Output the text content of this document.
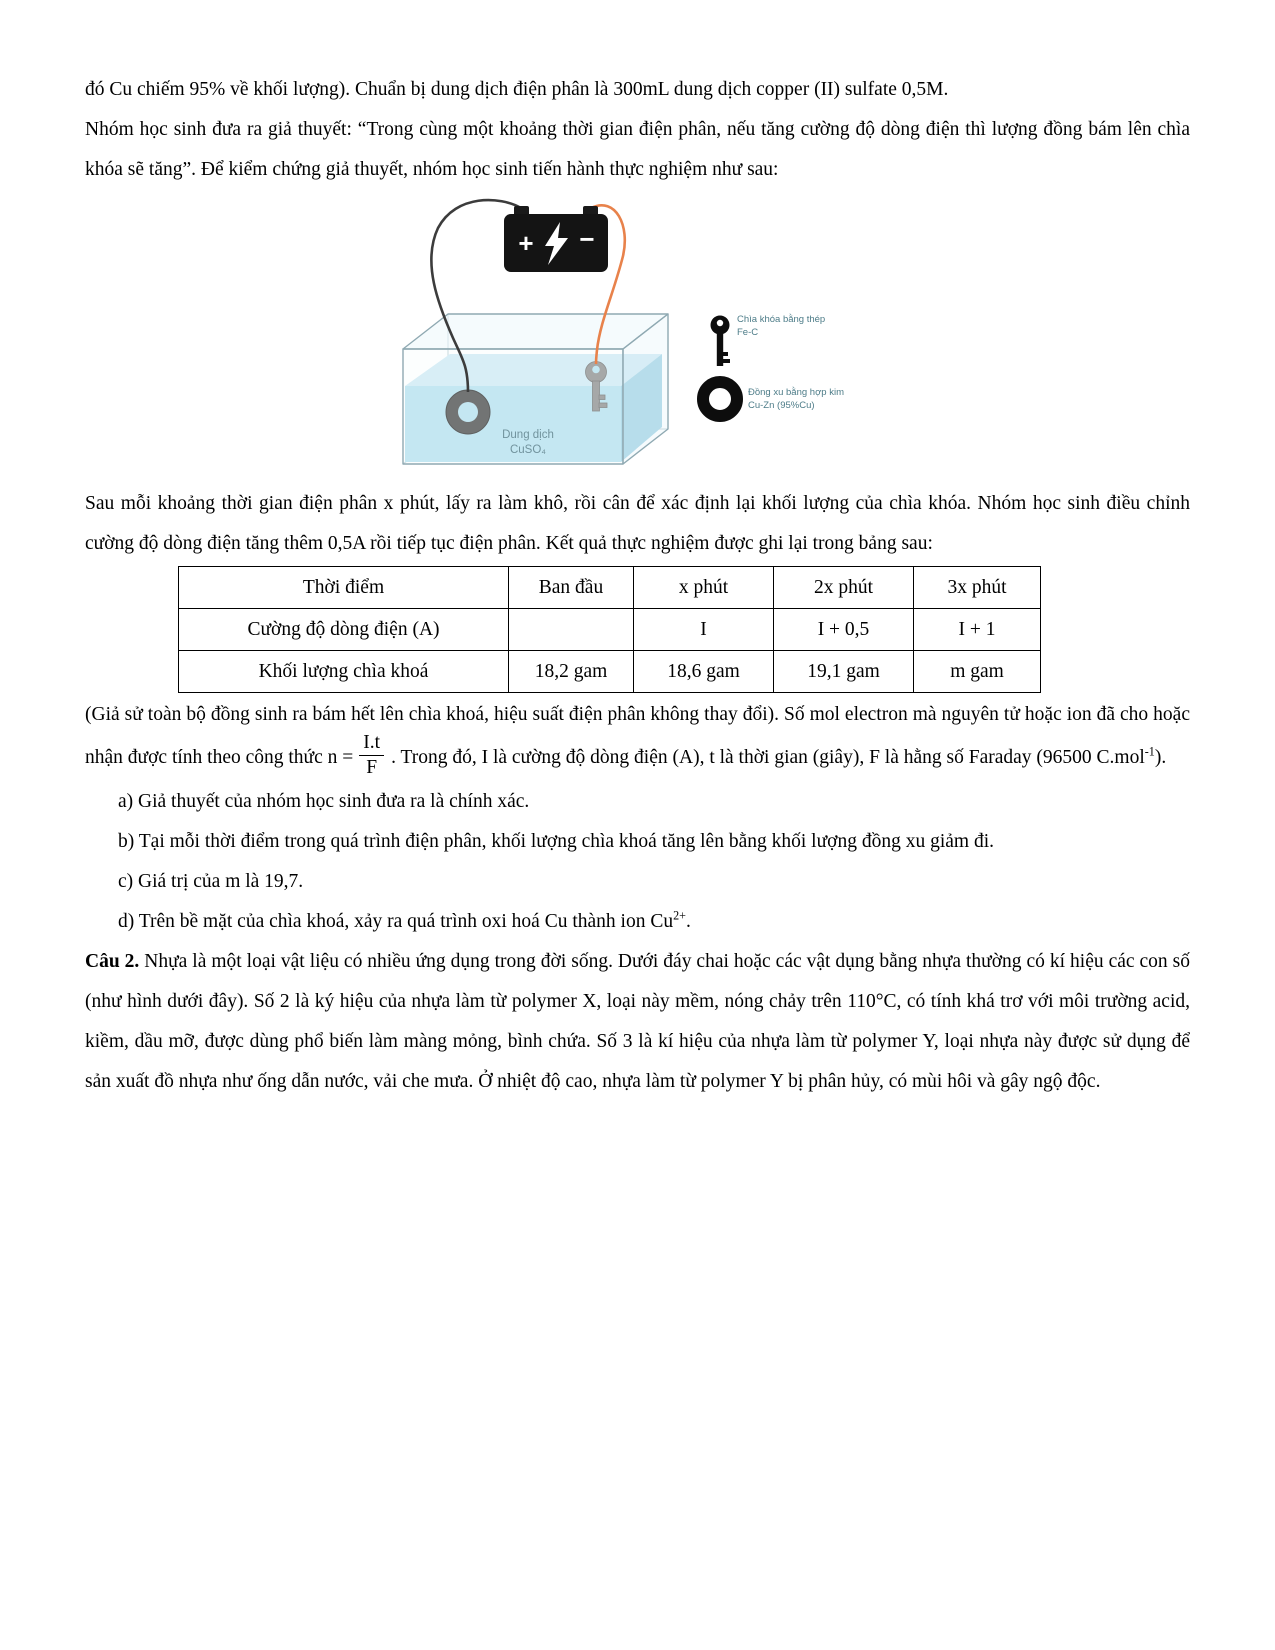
đó Cu chiếm 95% về khối lượng). Chuẩn bị dung dịch điện phân là 300mL dung dịch copper (II) sulfate 0,5M.

Nhóm học sinh đưa ra giả thuyết: “Trong cùng một khoảng thời gian điện phân, nếu tăng cường độ dòng điện thì lượng đồng bám lên chìa khóa sẽ tăng”. Để kiểm chứng giả thuyết, nhóm học sinh tiến hành thực nghiệm như sau:

+ −
Chìa khóa bằng thép
Fe-C
Đồng xu bằng hợp kim
Cu-Zn (95%Cu)

Sau mỗi khoảng thời gian điện phân x phút, lấy ra làm khô, rồi cân để xác định lại khối lượng của chìa khóa. Nhóm học sinh điều chỉnh cường độ dòng điện tăng thêm 0,5A rồi tiếp tục điện phân. Kết quả thực nghiệm được ghi lại trong bảng sau:

Thời điểm	Ban đầu	x phút	2x phút	3x phút
Cường độ dòng điện (A)		I	I + 0,5	I + 1
Khối lượng chìa khoá	18,2 gam	18,6 gam	19,1 gam	m gam

(Giả sử toàn bộ đồng sinh ra bám hết lên chìa khoá, hiệu suất điện phân không thay đổi). Số mol electron mà nguyên tử hoặc ion đã cho hoặc nhận được tính theo công thức $n = \frac{I.t}{F}$ . Trong đó, I là cường độ dòng điện (A), t là thời gian (giây), F là hằng số Faraday (96500 C.mol$^{-1}$).

a) Giả thuyết của nhóm học sinh đưa ra là chính xác.

b) Tại mỗi thời điểm trong quá trình điện phân, khối lượng chìa khoá tăng lên bằng khối lượng đồng xu giảm đi.

c) Giá trị của m là 19,7.

d) Trên bề mặt của chìa khoá, xảy ra quá trình oxi hoá Cu thành ion $Cu^{2+}$.

Câu 2. Nhựa là một loại vật liệu có nhiều ứng dụng trong đời sống. Dưới đáy chai hoặc các vật dụng bằng nhựa thường có kí hiệu các con số (như hình dưới đây). Số 2 là ký hiệu của nhựa làm từ polymer X, loại này mềm, nóng chảy trên 110°C, có tính khá trơ với môi trường acid, kiềm, dầu mỡ, được dùng phổ biến làm màng mỏng, bình chứa. Số 3 là kí hiệu của nhựa làm từ polymer Y, loại nhựa này được sử dụng để sản xuất đồ nhựa như ống dẫn nước, vải che mưa. Ở nhiệt độ cao, nhựa làm từ polymer Y bị phân hủy, có mùi hôi và gây ngộ độc.
